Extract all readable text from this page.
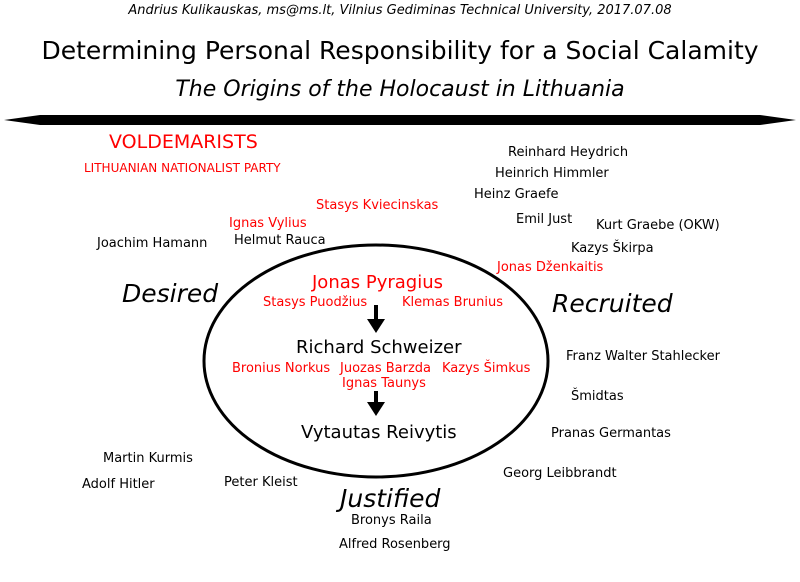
Andrius Kulikauskas, ms@ms.lt, Vilnius Gediminas Technical University, 2017.07.08
Determining Personal Responsibility for a Social Calamity
The Origins of the Holocaust in Lithuania
VOLDEMARISTS
LITHUANIAN NATIONALIST PARTY
Desired	Recruited
Justified
Jonas Pyragius
Stasys Puodžius	Klemas Brunius
Richard Schweizer
Bronius Norkus Juozas Barzda
Ignas Taunys
Kazys Šimkus
Vytautas Reivytis
Stasys Kviecinskas
Ignas Vylius
Helmut Rauca
Joachim Hamann
Reinhard Heydrich
Heinrich Himmler
Heinz Graefe
Emil Just Kurt Graebe (OKW)
Kazys Škirpa
Jonas Dženkaitis
Franz Walter Stahlecker
Šmidtas
Pranas Germantas
Georg Leibbrandt
Martin Kurmis
Adolf Hitler	Peter Kleist
Bronys Raila
Alfred Rosenberg
